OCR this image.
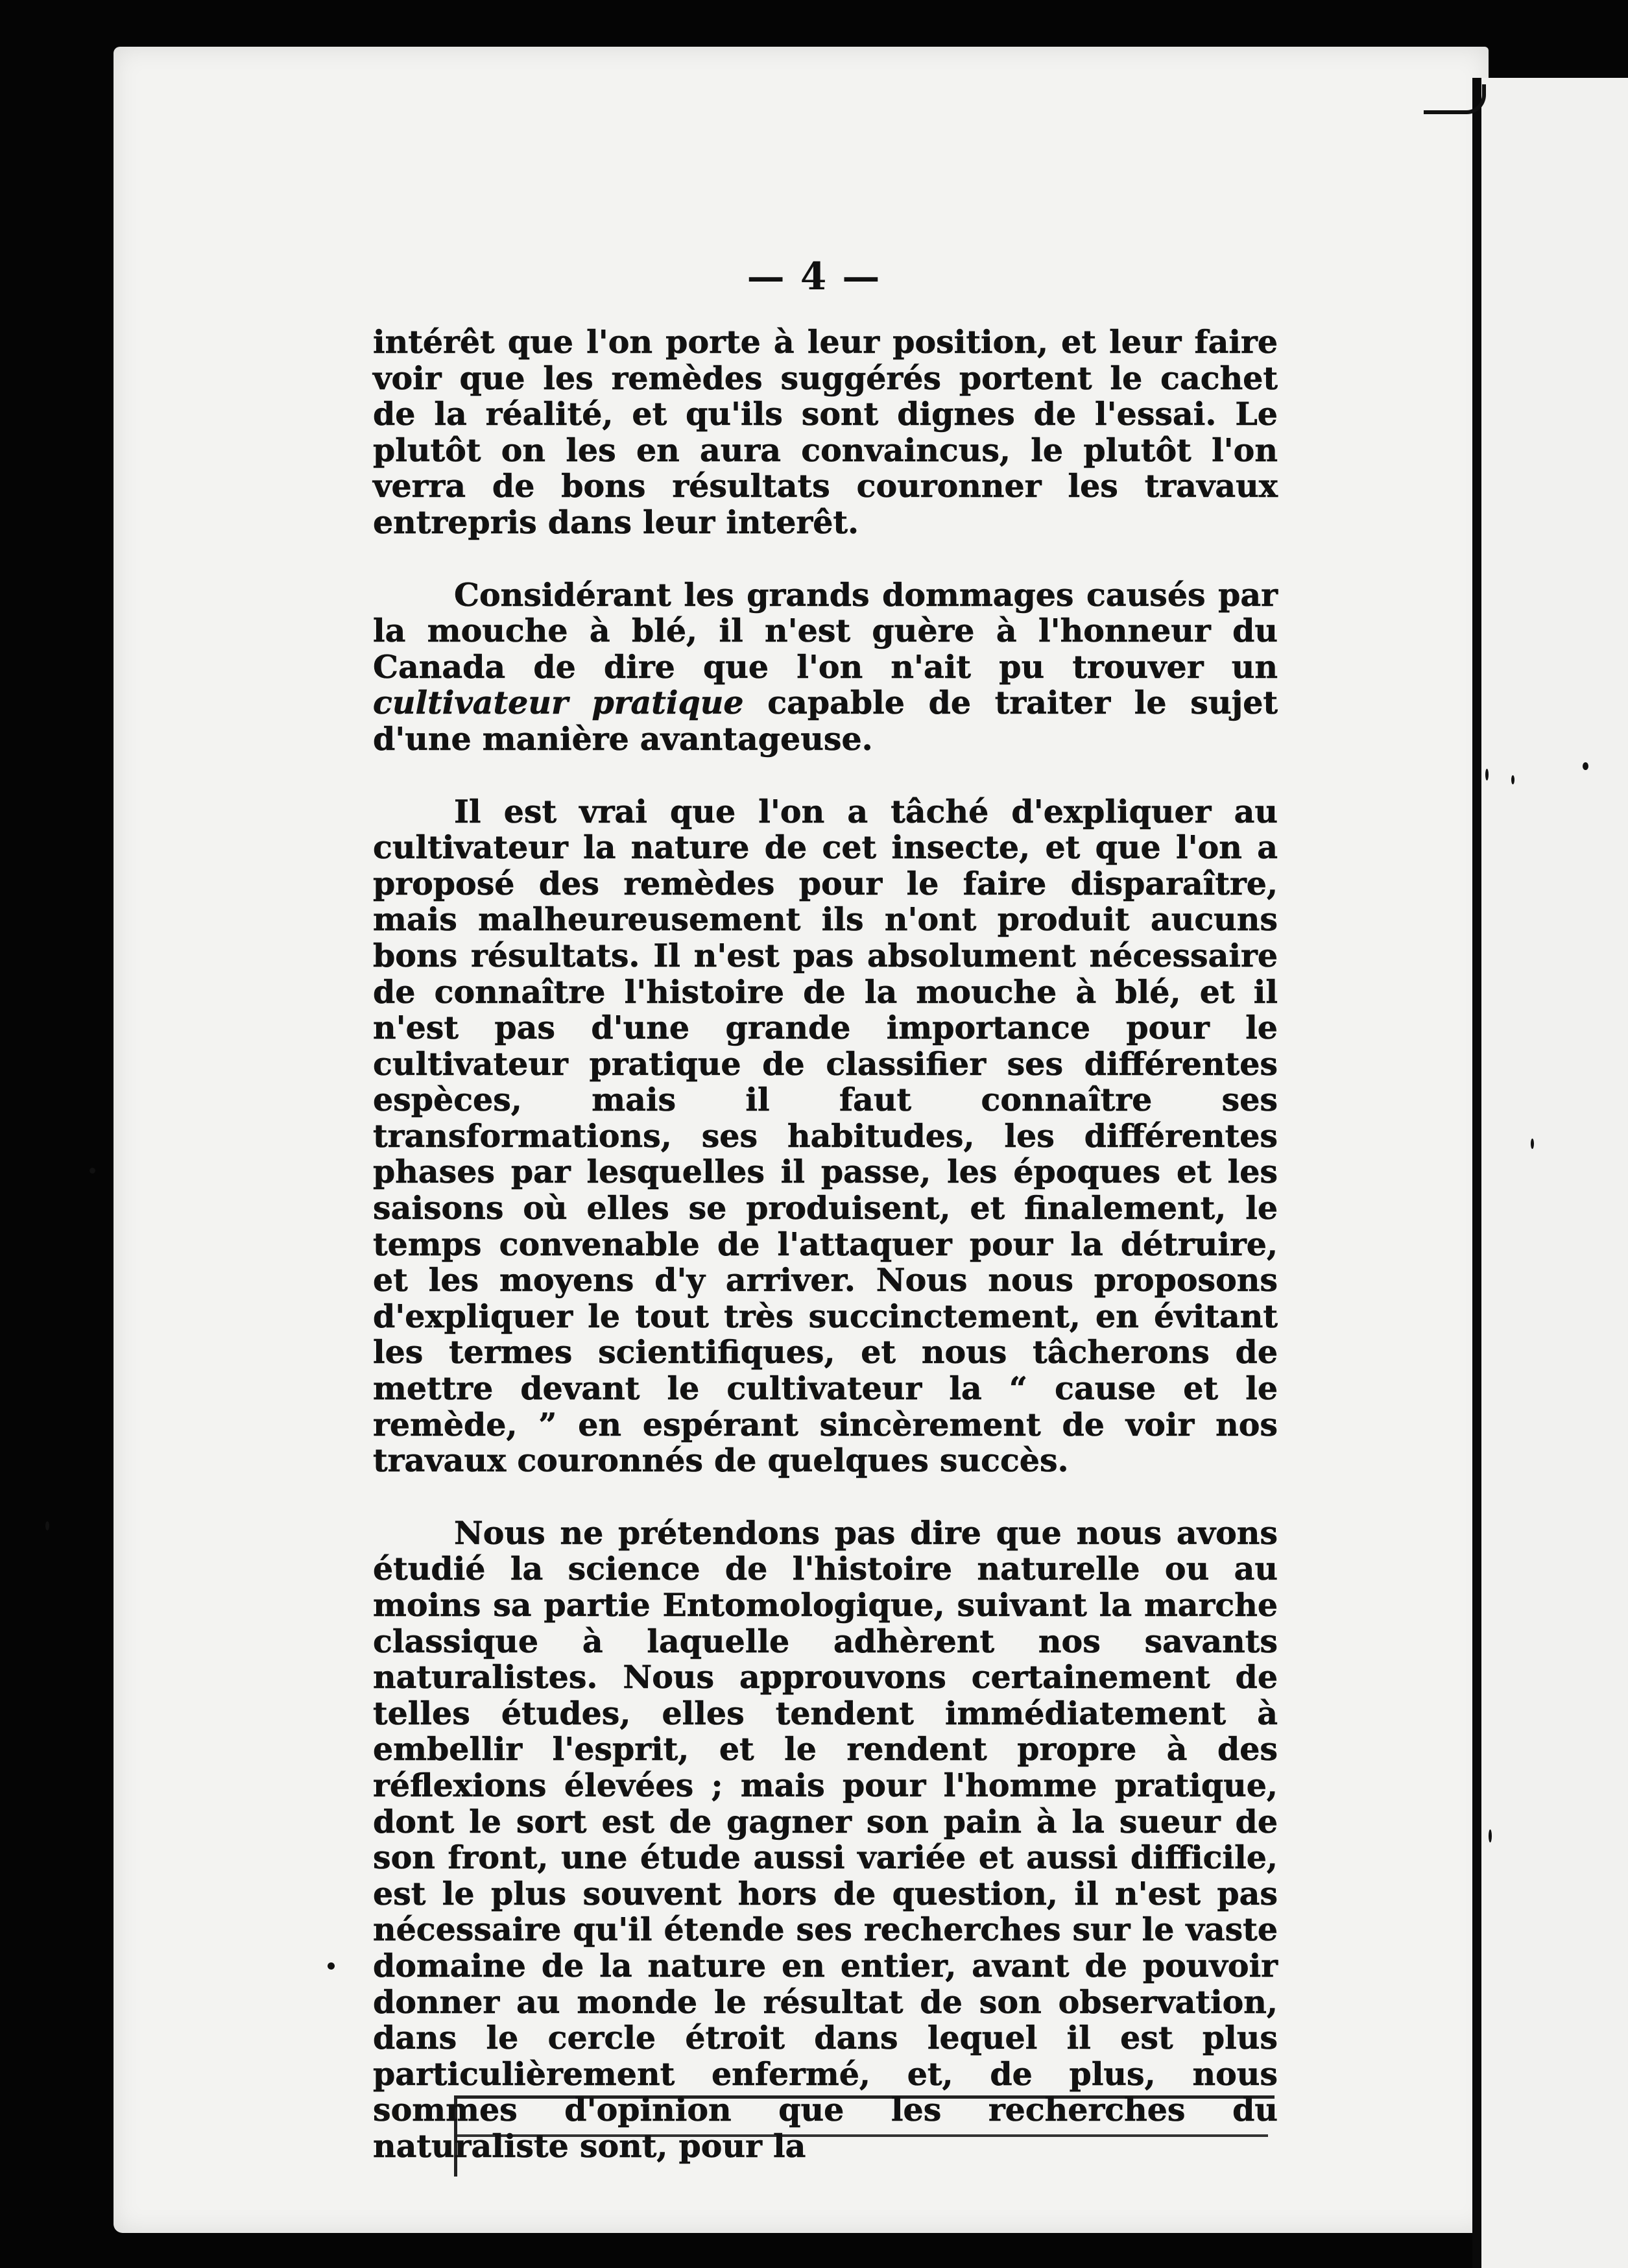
— 4 —

intérêt que l'on porte à leur position, et leur faire voir que les remèdes suggérés portent le cachet de la réalité, et qu'ils sont dignes de l'essai. Le plutôt on les en aura convaincus, le plutôt l'on verra de bons résultats couronner les travaux entrepris dans leur interêt.

Considérant les grands dommages causés par la mouche à blé, il n'est guère à l'honneur du Canada de dire que l'on n'ait pu trouver un cultivateur pratique capable de traiter le sujet d'une manière avantageuse.

Il est vrai que l'on a tâché d'expliquer au cultivateur la nature de cet insecte, et que l'on a proposé des remèdes pour le faire disparaître, mais malheureusement ils n'ont produit aucuns bons résultats. Il n'est pas absolument nécessaire de connaître l'histoire de la mouche à blé, et il n'est pas d'une grande importance pour le cultivateur pratique de classifier ses différentes espèces, mais il faut connaître ses transformations, ses habitudes, les différentes phases par lesquelles il passe, les époques et les saisons où elles se produisent, et finalement, le temps convenable de l'attaquer pour la détruire, et les moyens d'y arriver. Nous nous proposons d'expliquer le tout très succinctement, en évitant les termes scientifiques, et nous tâcherons de mettre devant le cultivateur la “ cause et le remède, ” en espérant sincèrement de voir nos travaux couronnés de quelques succès.

Nous ne prétendons pas dire que nous avons étudié la science de l'histoire naturelle ou au moins sa partie Entomologique, suivant la marche classique à laquelle adhèrent nos savants naturalistes. Nous approuvons certainement de telles études, elles tendent immédiatement à embellir l'esprit, et le rendent propre à des réflexions élevées ; mais pour l'homme pratique, dont le sort est de gagner son pain à la sueur de son front, une étude aussi variée et aussi difficile, est le plus souvent hors de question, il n'est pas nécessaire qu'il étende ses recherches sur le vaste domaine de la nature en entier, avant de pouvoir donner au monde le résultat de son observation, dans le cercle étroit dans lequel il est plus particulièrement enfermé, et, de plus, nous sommes d'opinion que les recherches du naturaliste sont, pour la
